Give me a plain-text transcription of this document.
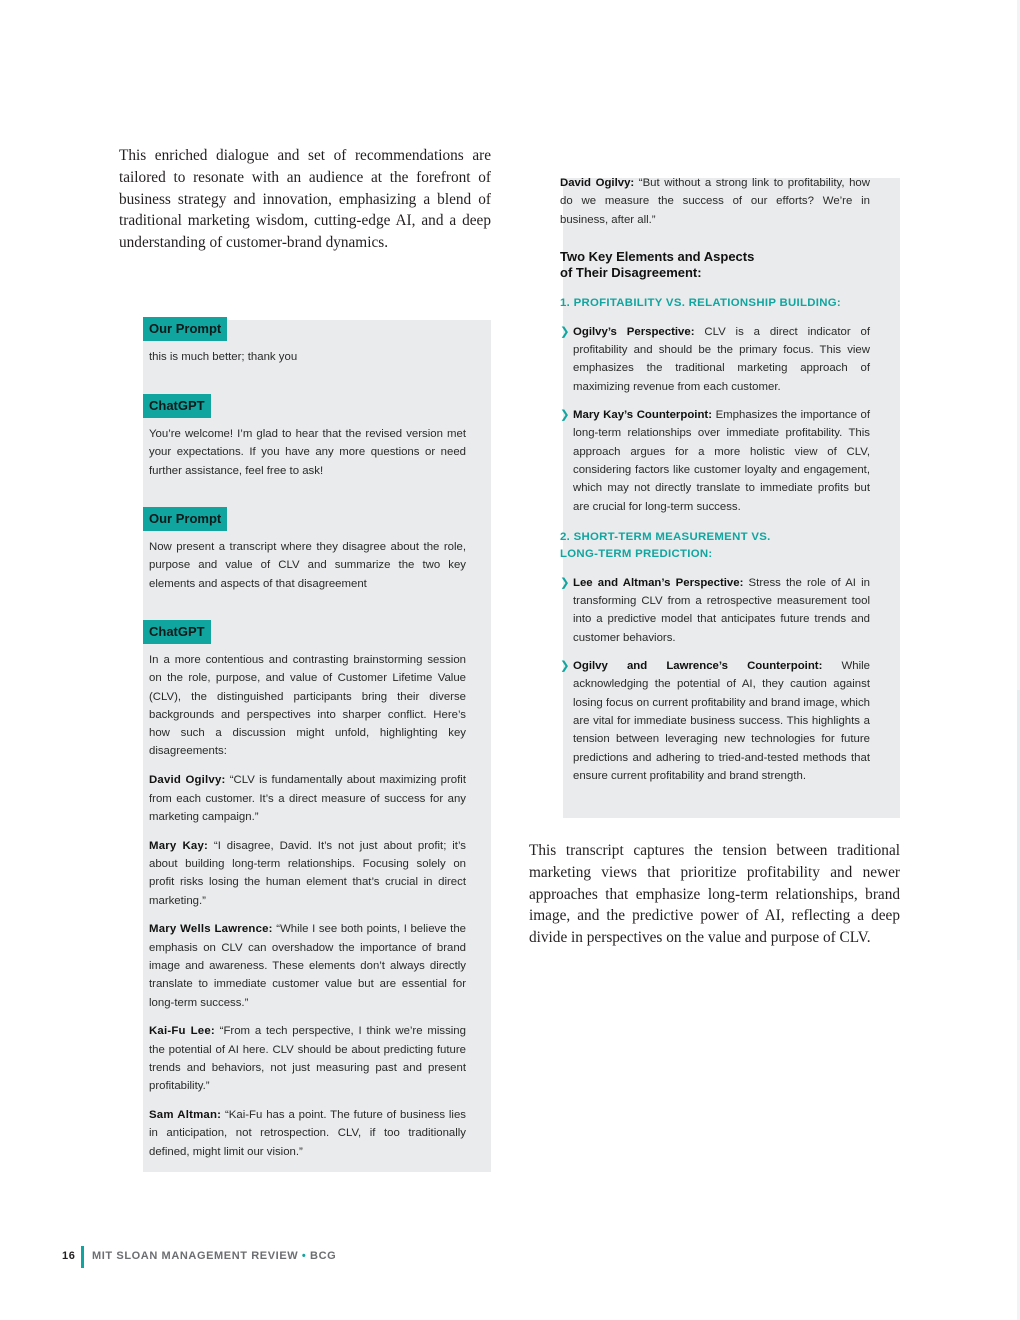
This enriched dialogue and set of recommendations are tailored to resonate with an audience at the forefront of business strategy and innovation, emphasizing a blend of traditional marketing wisdom, cutting-edge AI, and a deep understanding of customer-brand dynamics.

Our Prompt
this is much better; thank you
ChatGPT
You’re welcome! I’m glad to hear that the revised version met your expectations. If you have any more questions or need further assistance, feel free to ask!
Our Prompt
Now present a transcript where they disagree about the role, purpose and value of CLV and summarize the two key elements and aspects of that disagreement
ChatGPT

In a more contentious and contrasting brainstorming session on the role, purpose, and value of Customer Lifetime Value (CLV), the distinguished participants bring their diverse backgrounds and perspectives into sharper conflict. Here’s how such a discussion might unfold, highlighting key disagreements:

David Ogilvy: “CLV is fundamentally about maximizing profit from each customer. It’s a direct measure of success for any marketing campaign.”

Mary Kay: “I disagree, David. It’s not just about profit; it’s about building long-term relationships. Focusing solely on profit risks losing the human element that’s crucial in direct marketing.”

Mary Wells Lawrence: “While I see both points, I believe the emphasis on CLV can overshadow the importance of brand image and awareness. These elements don’t always directly translate to immediate customer value but are essential for long-term success.”

Kai-Fu Lee: “From a tech perspective, I think we’re missing the potential of AI here. CLV should be about predicting future trends and behaviors, not just measuring past and present profitability.”

Sam Altman: “Kai-Fu has a point. The future of business lies in anticipation, not retrospection. CLV, if too traditionally defined, might limit our vision.”

David Ogilvy: “But without a strong link to profitability, how do we measure the success of our efforts? We’re in business, after all.”

Two Key Elements and Aspects
of Their Disagreement:

1. PROFITABILITY VS. RELATIONSHIP BUILDING:

❯ Ogilvy’s Perspective: CLV is a direct indicator of profitability and should be the primary focus. This view emphasizes the traditional marketing approach of maximizing revenue from each customer.
❯ Mary Kay’s Counterpoint: Emphasizes the importance of long-term relationships over immediate profitability. This approach argues for a more holistic view of CLV, considering factors like customer loyalty and engagement, which may not directly translate to immediate profits but are crucial for long-term success.

2. SHORT-TERM MEASUREMENT VS.
LONG-TERM PREDICTION:

❯ Lee and Altman’s Perspective: Stress the role of AI in transforming CLV from a retrospective measurement tool into a predictive model that anticipates future trends and customer behaviors.
❯ Ogilvy and Lawrence’s Counterpoint: While acknowledging the potential of AI, they caution against losing focus on current profitability and brand image, which are vital for immediate business success. This highlights a tension between leveraging new technologies for future predictions and adhering to tried-and-tested methods that ensure current profitability and brand strength.

This transcript captures the tension between traditional marketing views that prioritize profitability and newer approaches that emphasize long-term relationships, brand image, and the predictive power of AI, reflecting a deep divide in perspectives on the value and purpose of CLV.

16 MIT SLOAN MANAGEMENT REVIEW • BCG
